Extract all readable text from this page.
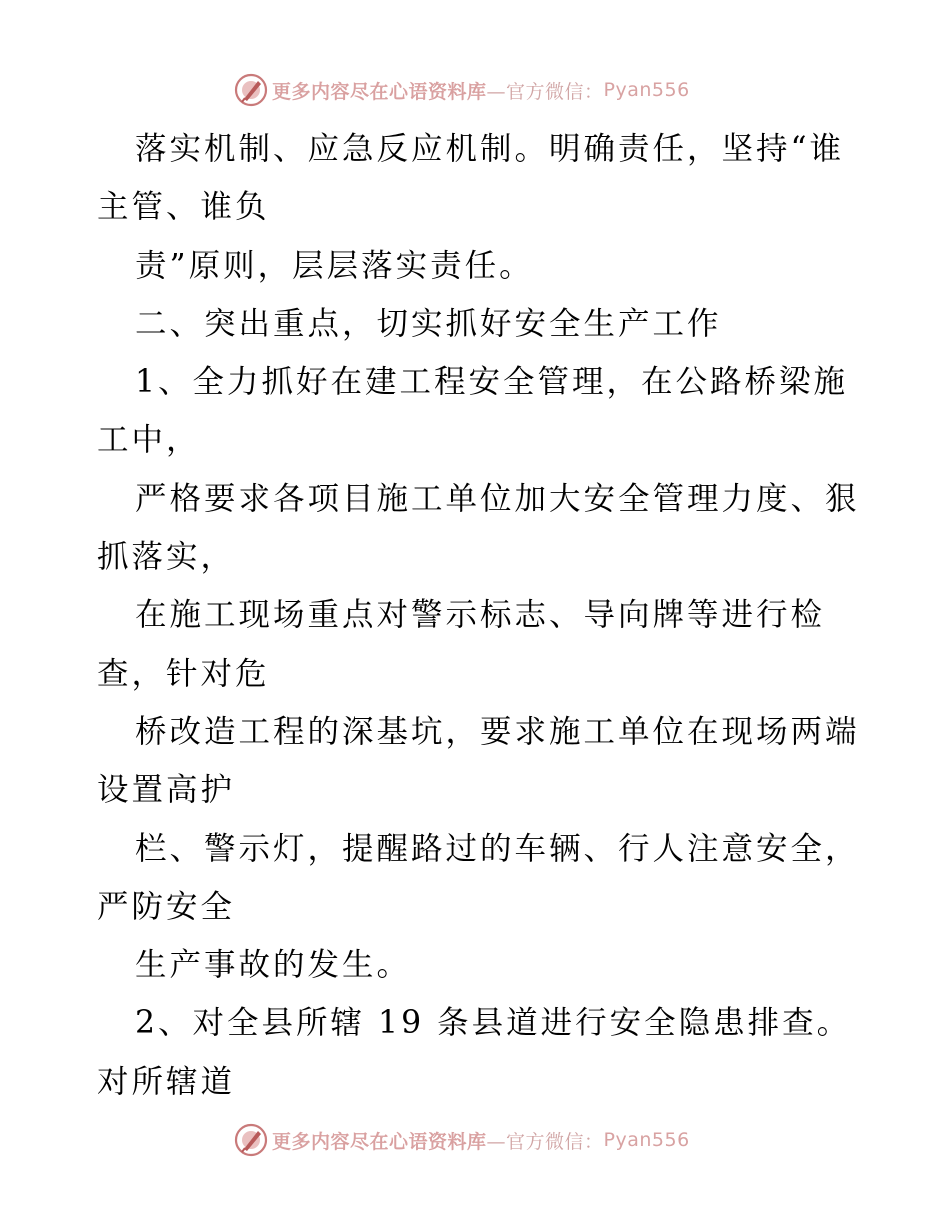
更多内容尽在心语资料库 —官方微信： Pyan556
落实机制、应急反应机制。明确责任，坚持“谁
主管、谁负
责”原则，层层落实责任。
二、突出重点，切实抓好安全生产工作
1、全力抓好在建工程安全管理，在公路桥梁施
工中，
严格要求各项目施工单位加大安全管理力度、狠
抓落实，
在施工现场重点对警示标志、导向牌等进行检
查，针对危
桥改造工程的深基坑，要求施工单位在现场两端
设置高护
栏、警示灯，提醒路过的车辆、行人注意安全，
严防安全
生产事故的发生。
2、对全县所辖 19 条县道进行安全隐患排查。
对所辖道
更多内容尽在心语资料库 —官方微信： Pyan556
